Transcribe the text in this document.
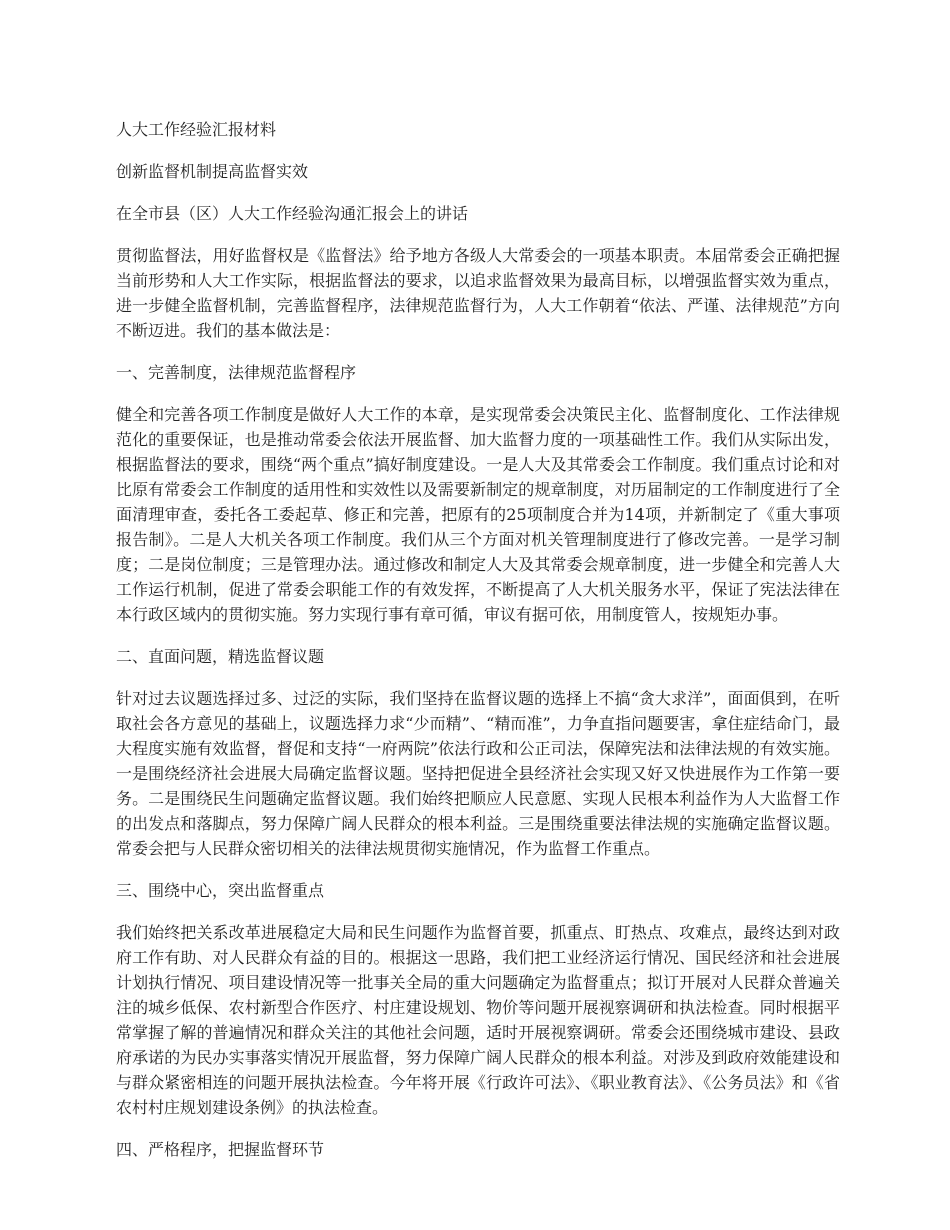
人大工作经验汇报材料
创新监督机制提高监督实效
在全市县（区）人大工作经验沟通汇报会上的讲话
贯彻监督法，用好监督权是《监督法》给予地方各级人大常委会的一项基本职责。本届常委会正确把握当前形势和人大工作实际，根据监督法的要求，以追求监督效果为最高目标，以增强监督实效为重点，进一步健全监督机制，完善监督程序，法律规范监督行为，人大工作朝着“依法、严谨、法律规范”方向不断迈进。我们的基本做法是：
一、完善制度，法律规范监督程序
健全和完善各项工作制度是做好人大工作的本章，是实现常委会决策民主化、监督制度化、工作法律规范化的重要保证，也是推动常委会依法开展监督、加大监督力度的一项基础性工作。我们从实际出发，根据监督法的要求，围绕“两个重点”搞好制度建设。一是人大及其常委会工作制度。我们重点讨论和对比原有常委会工作制度的适用性和实效性以及需要新制定的规章制度，对历届制定的工作制度进行了全面清理审查，委托各工委起草、修正和完善，把原有的25项制度合并为14项，并新制定了《重大事项报告制》。二是人大机关各项工作制度。我们从三个方面对机关管理制度进行了修改完善。一是学习制度；二是岗位制度；三是管理办法。通过修改和制定人大及其常委会规章制度，进一步健全和完善人大工作运行机制，促进了常委会职能工作的有效发挥，不断提高了人大机关服务水平，保证了宪法法律在本行政区域内的贯彻实施。努力实现行事有章可循，审议有据可依，用制度管人，按规矩办事。
二、直面问题，精选监督议题
针对过去议题选择过多、过泛的实际，我们坚持在监督议题的选择上不搞“贪大求洋”，面面俱到，在听取社会各方意见的基础上，议题选择力求“少而精”、“精而准”，力争直指问题要害，拿住症结命门，最大程度实施有效监督，督促和支持“一府两院”依法行政和公正司法，保障宪法和法律法规的有效实施。一是围绕经济社会进展大局确定监督议题。坚持把促进全县经济社会实现又好又快进展作为工作第一要务。二是围绕民生问题确定监督议题。我们始终把顺应人民意愿、实现人民根本利益作为人大监督工作的出发点和落脚点，努力保障广阔人民群众的根本利益。三是围绕重要法律法规的实施确定监督议题。常委会把与人民群众密切相关的法律法规贯彻实施情况，作为监督工作重点。
三、围绕中心，突出监督重点
我们始终把关系改革进展稳定大局和民生问题作为监督首要，抓重点、盯热点、攻难点，最终达到对政府工作有助、对人民群众有益的目的。根据这一思路，我们把工业经济运行情况、国民经济和社会进展计划执行情况、项目建设情况等一批事关全局的重大问题确定为监督重点；拟订开展对人民群众普遍关注的城乡低保、农村新型合作医疗、村庄建设规划、物价等问题开展视察调研和执法检查。同时根据平常掌握了解的普遍情况和群众关注的其他社会问题，适时开展视察调研。常委会还围绕城市建设、县政府承诺的为民办实事落实情况开展监督，努力保障广阔人民群众的根本利益。对涉及到政府效能建设和与群众紧密相连的问题开展执法检查。今年将开展《行政许可法》、《职业教育法》、《公务员法》和《省农村村庄规划建设条例》的执法检查。
四、严格程序，把握监督环节
